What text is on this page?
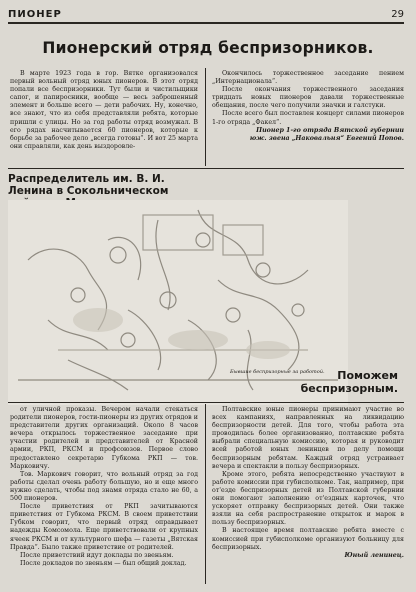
ПИОНЕР	29
Пионерский отряд беспризорников.

В марте 1923 года в гор. Вятке организовался первый вольный отряд юных пионеров. В этот отряд попали все беспризорники. Тут были и чистильщики сапог, и папиросники, вообще — весь заброшенный элемент и больше всего — дети рабочих. Ну, конечно, все знают, что из себя представляли ребята, которые пришли с улицы. Но за год работы отряд возмужал. В его рядах насчитывается 60 пионеров, которые к борьбе за рабочее дело „всегда готовы“. И вот 25 марта они справляли, как день выздоровле-

Окончилось торжественное заседание пением „Интернационала“.

После окончания торжественного заседания тридцать новых пионеров давали торжественные обещания, после чего получили значки и галстуки.

После всего был поставлен концерт силами пионеров 1-го отряда „Факел“.

Пионер 1-го отряда Вятской губернии

юж. звена „Наковальня“ Евгений Попов.

Распределитель им. В. И. Ленина в Сокольническом
Бывшие беспризорные за работой.	Поможем беспризорным.

от уличной проказы. Вечером начали стекаться родители пионеров, гости-пионеры из других отрядов и представители других организаций. Около 8 часов вечера открылось торжественное заседание при участии родителей и представителей от Красной армии, РКП, РКСМ и профсоюзов. Первое слово предоставлено секретарю Губкома РКП — тов. Марковичу.

Тов. Маркович говорит, что вольный отряд за год работы сделал очень работу большую, но и еще много нужно сделать, чтобы под знамя отряда стало не 60, а 500 пионеров.

После приветствия от РКП зачитываются приветствия от Губкома РКСМ. В своем приветствии Губком говорит, что первый отряд оправдывает надежды Комсомола. Еще приветствовали от крупных ячеек РКСМ и от культурного шефа — газеты „Вятская Правда“. Было также приветствие от родителей.

После приветствий идут доклады по звеньям.

После докладов по звеньям — был общий доклад.

Полтавские юные пионеры принимают участие во всех кампаниях, направленных на ликвидацию беспризорности детей. Для того, чтобы работа эта проводилась более организованно, полтавские ребята выбрали специальную комиссию, которая и руководит всей работой юных ленинцев по делу помощи беспризорным ребятам. Каждый отряд устраивает вечера и спектакли в пользу беспризорных.

Кроме этого, ребята непосредственно участвуют в работе комиссии при губисполкоме. Так, например, при от'езде беспризорных детей из Полтавской губернии они помогают заполнению от'ездных карточек, что ускоряет отправку беспризорных детей. Они также взяли на себя распространение открыток и марок в пользу беспризорных.

В настоящее время полтавские ребята вместе с комиссией при губисполкоме организуют больницу для беспризорных.

Юный ленинец.
